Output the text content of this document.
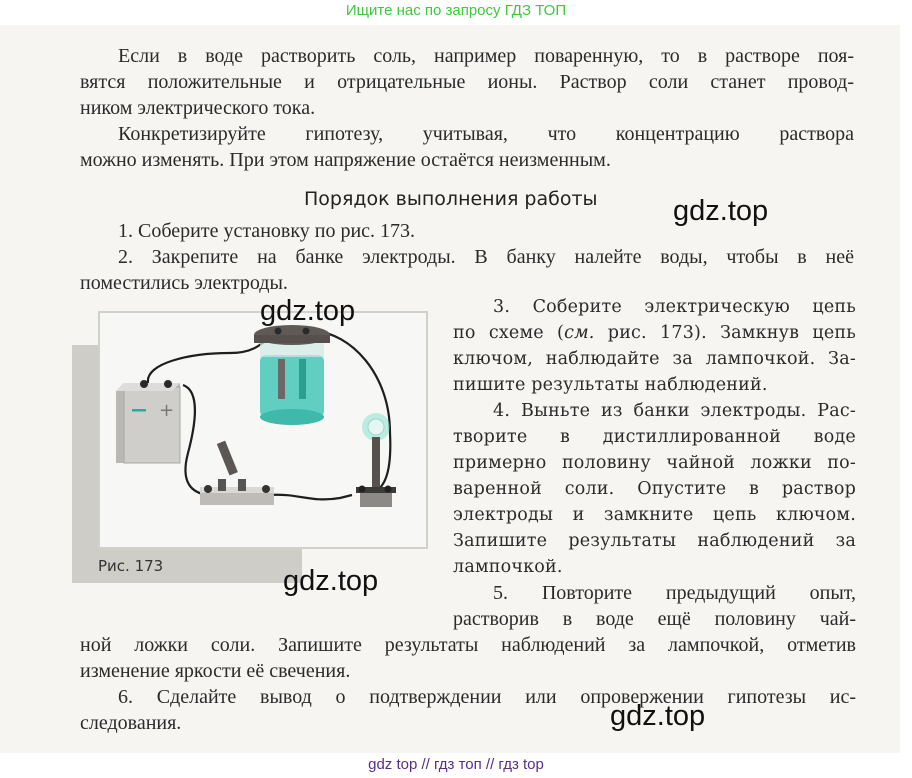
Ищите нас по запросу ГДЗ ТОП
Если в воде растворить соль, например поваренную, то в растворе поя-
вятся положительные и отрицательные ионы. Раствор соли станет провод-
ником электрического тока.
Конкретизируйте гипотезу, учитывая, что концентрацию раствора
можно изменять. При этом напряжение остаётся неизменным.
Порядок выполнения работы	gdz.top
1. Соберите установку по рис. 173.
2. Закрепите на банке электроды. В банку налейте воды, чтобы в неё
поместились электроды.
+
Рис. 173
gdz.top
gdz.top
3. Соберите электрическую цепь
по схеме (см. рис. 173). Замкнув цепь
ключом, наблюдайте за лампочкой. За-
пишите результаты наблюдений.
4. Выньте из банки электроды. Рас-
творите в дистиллированной воде
примерно половину чайной ложки по-
варенной соли. Опустите в раствор
электроды и замкните цепь ключом.
Запишите результаты наблюдений за
лампочкой.
5. Повторите предыдущий опыт,
растворив в воде ещё половину чай-
ной ложки соли. Запишите результаты наблюдений за лампочкой, отметив
изменение яркости её свечения.
6. Сделайте вывод о подтверждении или опровержении гипотезы ис-
следования.	gdz.top
gdz top // гдз топ // гдз top
